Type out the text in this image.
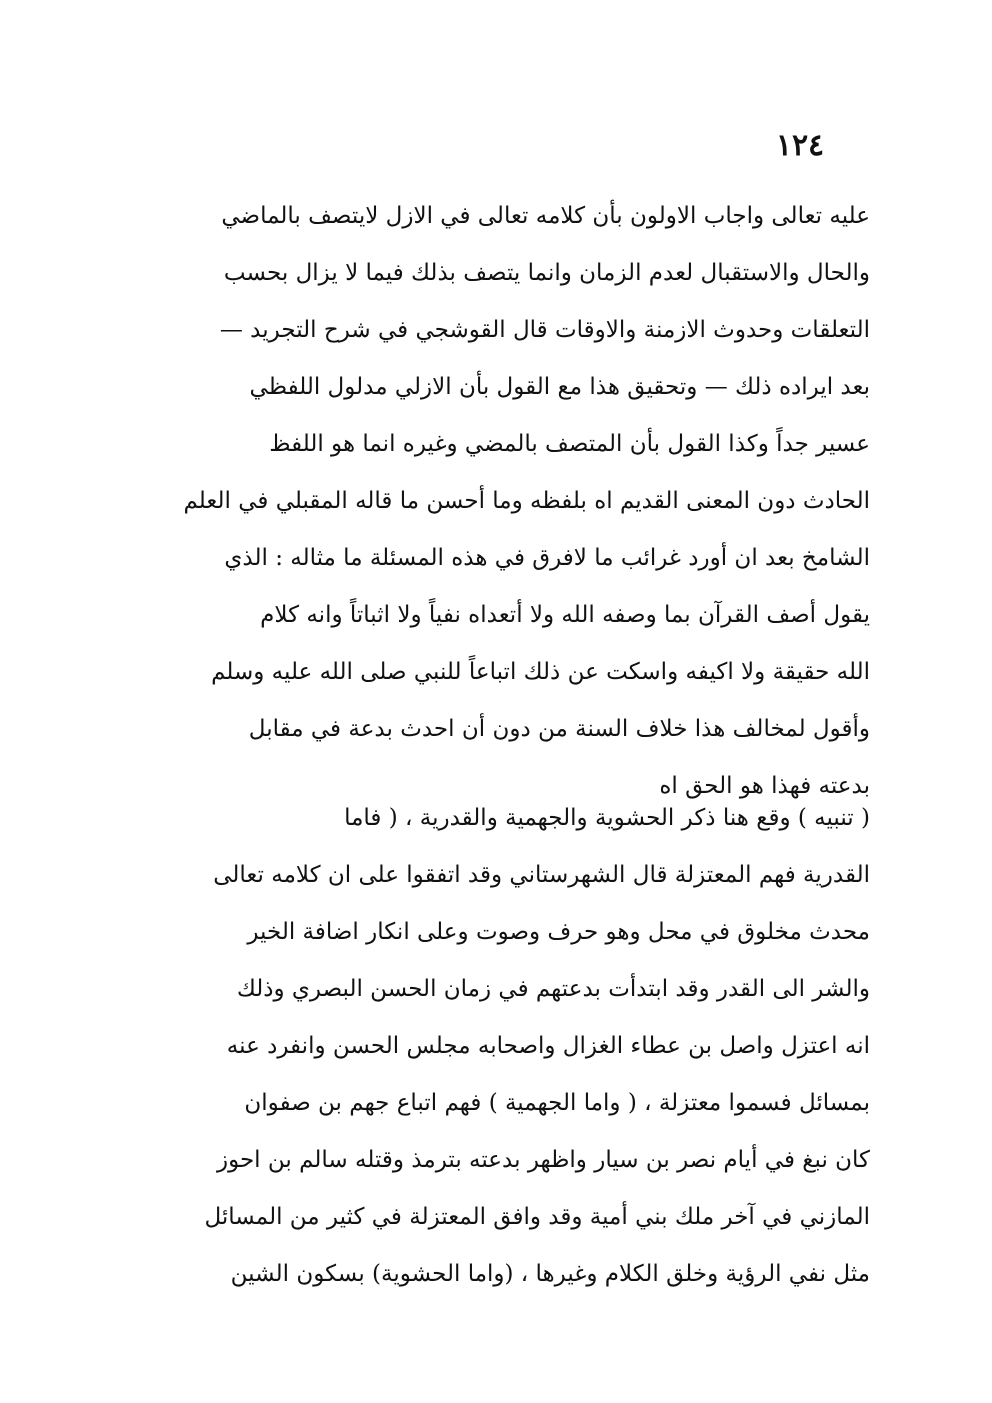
١٢٤
عليه تعالى واجاب الاولون بأن كلامه تعالى في الازل لايتصف بالماضي
والحال والاستقبال لعدم الزمان وانما يتصف بذلك فيما لا يزال بحسب
التعلقات وحدوث الازمنة والاوقات قال القوشجي في شرح التجريد —
بعد ايراده ذلك — وتحقيق هذا مع القول بأن الازلي مدلول اللفظي
عسير جداً وكذا القول بأن المتصف بالمضي وغيره انما هو اللفظ
الحادث دون المعنى القديم اه بلفظه وما أحسن ما قاله المقبلي في العلم
الشامخ بعد ان أورد غرائب ما لافرق في هذه المسئلة ما مثاله : الذي
يقول أصف القرآن بما وصفه الله ولا أتعداه نفياً ولا اثباتاً وانه كلام
الله حقيقة ولا اكيفه واسكت عن ذلك اتباعاً للنبي صلى الله عليه وسلم
وأقول لمخالف هذا خلاف السنة من دون أن احدث بدعة في مقابل
بدعته فهذا هو الحق اه
( تنبيه ) وقع هنا ذكر الحشوية والجهمية والقدرية ، ( فاما
القدرية فهم المعتزلة قال الشهرستاني وقد اتفقوا على ان كلامه تعالى
محدث مخلوق في محل وهو حرف وصوت وعلى انكار اضافة الخير
والشر الى القدر وقد ابتدأت بدعتهم في زمان الحسن البصري وذلك
انه اعتزل واصل بن عطاء الغزال واصحابه مجلس الحسن وانفرد عنه
بمسائل فسموا معتزلة ، ( واما الجهمية ) فهم اتباع جهم بن صفوان
كان نبغ في أيام نصر بن سيار واظهر بدعته بترمذ وقتله سالم بن احوز
المازني في آخر ملك بني أمية وقد وافق المعتزلة في كثير من المسائل
مثل نفي الرؤية وخلق الكلام وغيرها ، (واما الحشوية) بسكون الشين
